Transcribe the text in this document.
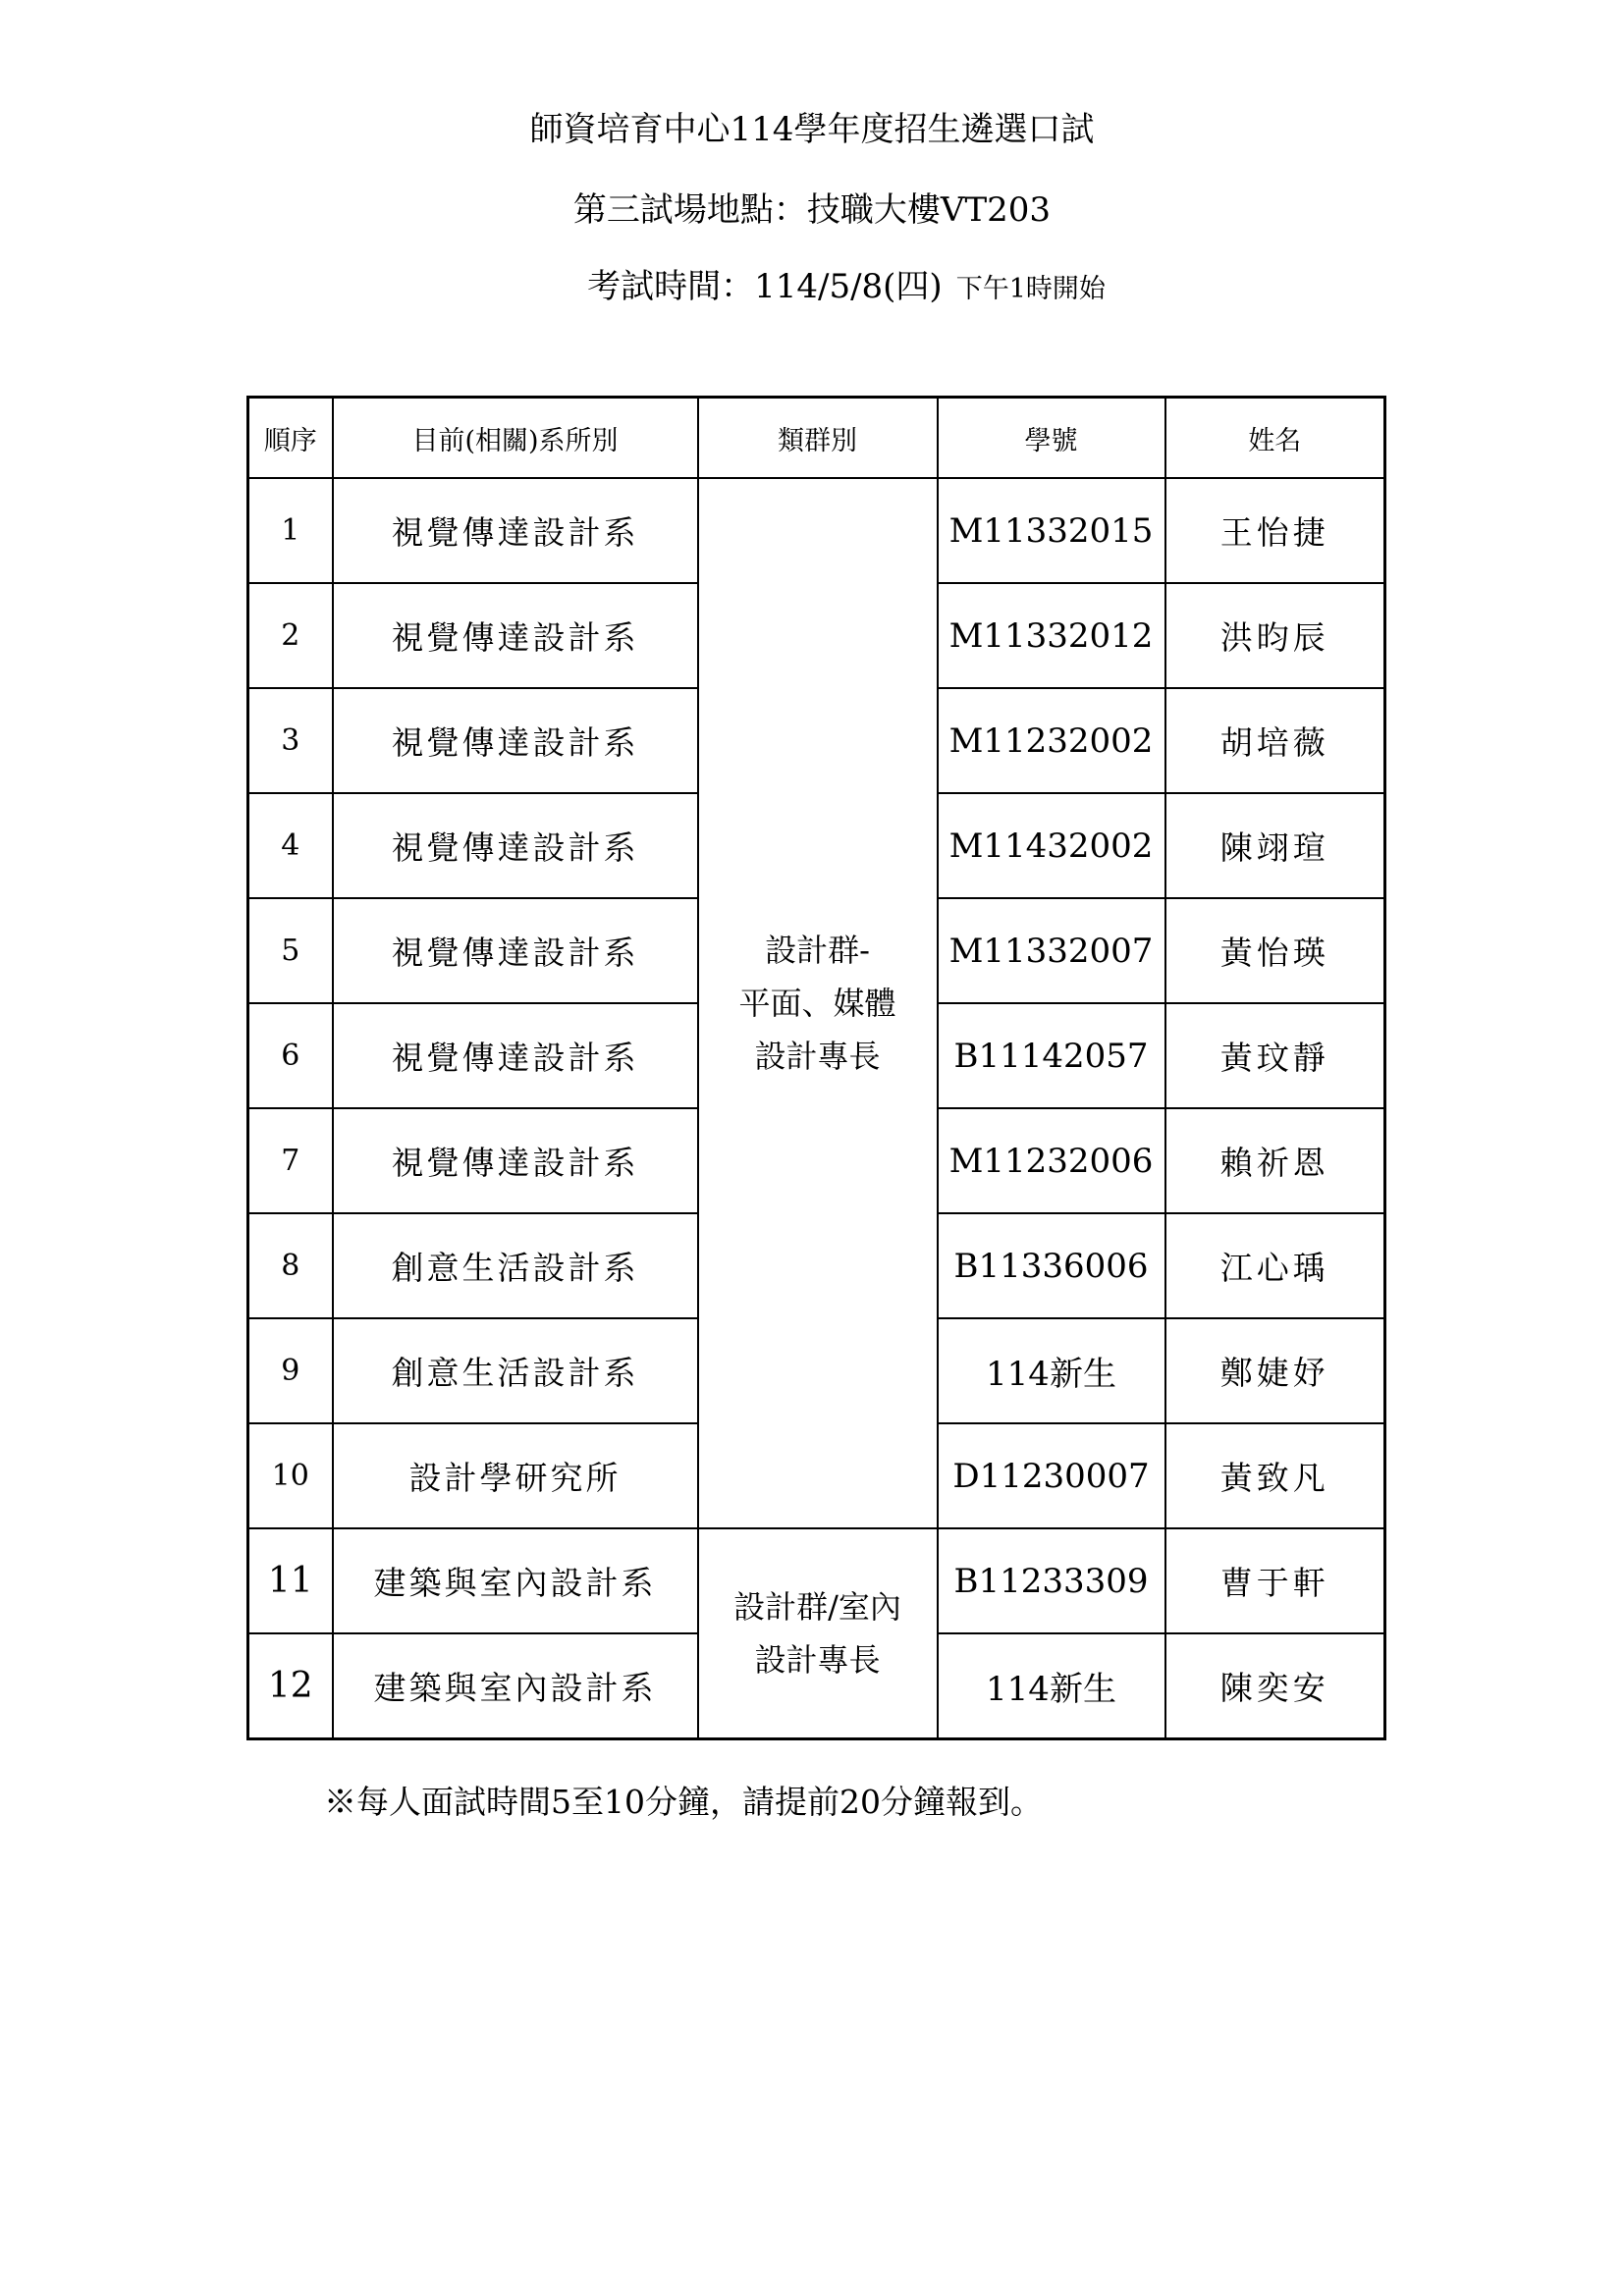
師資培育中心114學年度招生遴選口試
第三試場地點：技職大樓VT203
考試時間：114/5/8(四) 下午1時開始
順序	目前(相關)系所別	類群別	學號	姓名
1	視覺傳達設計系	設計群-
平面、媒體
設計專長	M11332015	王怡捷
2	視覺傳達設計系		M11332012	洪昀辰
3	視覺傳達設計系		M11232002	胡培薇
4	視覺傳達設計系		M11432002	陳翊瑄
5	視覺傳達設計系		M11332007	黃怡瑛
6	視覺傳達設計系		B11142057	黃玟靜
7	視覺傳達設計系		M11232006	賴祈恩
8	創意生活設計系		B11336006	江心瑀
9	創意生活設計系		114新生	鄭婕妤
10	設計學研究所		D11230007	黃致凡
11	建築與室內設計系	設計群/室內
設計專長	B11233309	曹于軒
12	建築與室內設計系		114新生	陳奕安
※每人面試時間5至10分鐘，請提前20分鐘報到。
